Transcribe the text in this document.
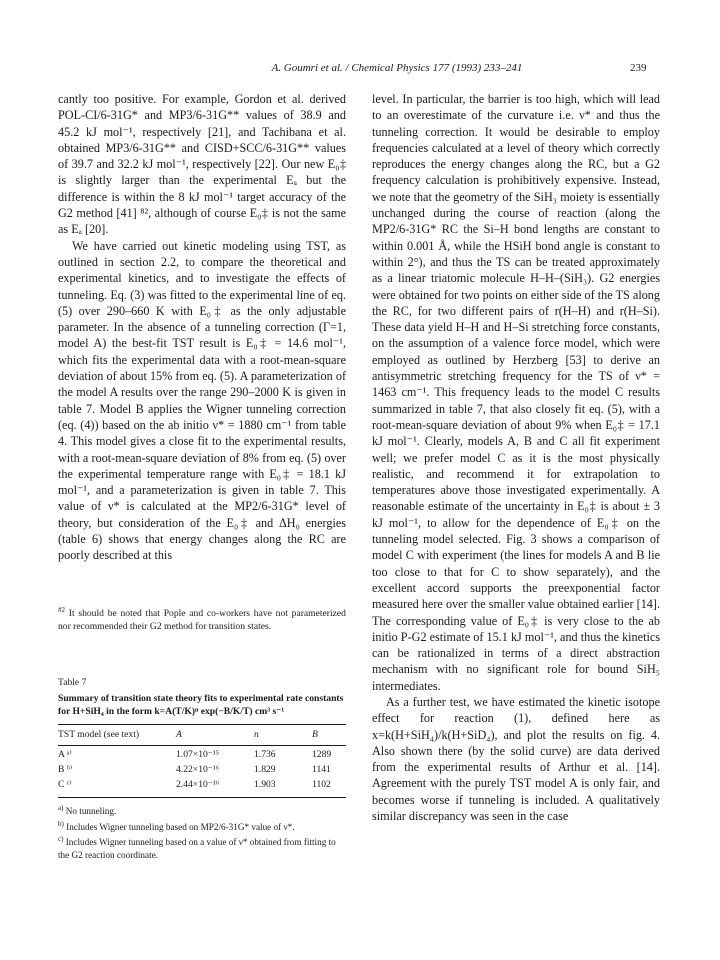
A. Goumri et al. / Chemical Physics 177 (1993) 233–241	239

cantly too positive. For example, Gordon et al. derived POL-CI/6-31G* and MP3/6-31G** values of 38.9 and 45.2 kJ mol⁻¹, respectively [21], and Tachibana et al. obtained MP3/6-31G** and CISD+SCC/6-31G** values of 39.7 and 32.2 kJ mol⁻¹, respectively [22]. Our new E₀‡ is slightly larger than the experimental Eₐ but the difference is within the 8 kJ mol⁻¹ target accuracy of the G2 method [41] ⁸², although of course E₀‡ is not the same as Eₐ [20].

We have carried out kinetic modeling using TST, as outlined in section 2.2, to compare the theoretical and experimental kinetics, and to investigate the effects of tunneling. Eq. (3) was fitted to the experimental line of eq. (5) over 290–660 K with E₀‡ as the only adjustable parameter. In the absence of a tunneling correction (Γ=1, model A) the best-fit TST result is E₀‡ = 14.6 mol⁻¹, which fits the experimental data with a root-mean-square deviation of about 15% from eq. (5). A parameterization of the model A results over the range 290–2000 K is given in table 7. Model B applies the Wigner tunneling correction (eq. (4)) based on the ab initio ν* = 1880 cm⁻¹ from table 4. This model gives a close fit to the experimental results, with a root-mean-square deviation of 8% from eq. (5) over the experimental temperature range with E₀‡ = 18.1 kJ mol⁻¹, and a parameterization is given in table 7. This value of ν* is calculated at the MP2/6-31G* level of theory, but consideration of the E₀‡ and ΔH₀ energies (table 6) shows that energy changes along the RC are poorly described at this

$^{\#2}$ It should be noted that Pople and co-workers have not parameterized nor recommended their G2 method for transition states.
Table 7
Summary of transition state theory fits to experimental rate constants for H+SiH₄ in the form k=A(T/K)ⁿ exp(−B/K/T) cm³ s⁻¹
TST model (see text)	A	n	B
A ᵃ⁾	1.07×10⁻¹⁵	1.736	1289
B ᵇ⁾	4.22×10⁻¹⁶	1.829	1141
C ᶜ⁾	2.44×10⁻¹⁶	1.903	1102
$^{a)}$ No tunneling.
$^{b)}$ Includes Wigner tunneling based on MP2/6-31G* value of ν*.
$^{c)}$ Includes Wigner tunneling based on a value of ν* obtained from fitting to the G2 reaction coordinate.

level. In particular, the barrier is too high, which will lead to an overestimate of the curvature i.e. ν* and thus the tunneling correction. It would be desirable to employ frequencies calculated at a level of theory which correctly reproduces the energy changes along the RC, but a G2 frequency calculation is prohibitively expensive. Instead, we note that the geometry of the SiH₃ moiety is essentially unchanged during the course of reaction (along the MP2/6-31G* RC the Si–H bond lengths are constant to within 0.001 Å, while the HSiH bond angle is constant to within 2°), and thus the TS can be treated approximately as a linear triatomic molecule H–H–(SiH₃). G2 energies were obtained for two points on either side of the TS along the RC, for two different pairs of r(H–H) and r(H–Si). These data yield H–H and H–Si stretching force constants, on the assumption of a valence force model, which were employed as outlined by Herzberg [53] to derive an antisymmetric stretching frequency for the TS of ν* = 1463 cm⁻¹. This frequency leads to the model C results summarized in table 7, that also closely fit eq. (5), with a root-mean-square deviation of about 9% when E₀‡ = 17.1 kJ mol⁻¹. Clearly, models A, B and C all fit experiment well; we prefer model C as it is the most physically realistic, and recommend it for extrapolation to temperatures above those investigated experimentally. A reasonable estimate of the uncertainty in E₀‡ is about ± 3 kJ mol⁻¹, to allow for the dependence of E₀‡ on the tunneling model selected. Fig. 3 shows a comparison of model C with experiment (the lines for models A and B lie too close to that for C to show separately), and the excellent accord supports the preexponential factor measured here over the smaller value obtained earlier [14]. The corresponding value of E₀‡ is very close to the ab initio P-G2 estimate of 15.1 kJ mol⁻¹, and thus the kinetics can be rationalized in terms of a direct abstraction mechanism with no significant role for bound SiH₅ intermediates.

As a further test, we have estimated the kinetic isotope effect for reaction (1), defined here as x=k(H+SiH₄)/k(H+SiD₄), and plot the results on fig. 4. Also shown there (by the solid curve) are data derived from the experimental results of Arthur et al. [14]. Agreement with the purely TST model A is only fair, and becomes worse if tunneling is included. A qualitatively similar discrepancy was seen in the case
